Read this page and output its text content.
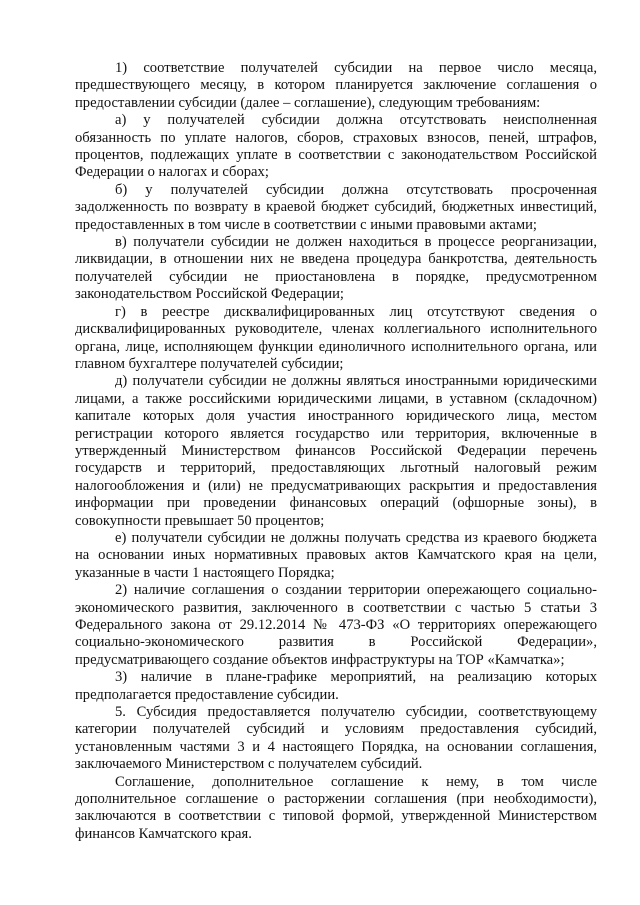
1) соответствие получателей субсидии на первое число месяца, предшествующего месяцу, в котором планируется заключение соглашения о предоставлении субсидии (далее – соглашение), следующим требованиям:

а) у получателей субсидии должна отсутствовать неисполненная обязанность по уплате налогов, сборов, страховых взносов, пеней, штрафов, процентов, подлежащих уплате в соответствии с законодательством Российской Федерации о налогах и сборах;

б) у получателей субсидии должна отсутствовать просроченная задолженность по возврату в краевой бюджет субсидий, бюджетных инвестиций, предоставленных в том числе в соответствии с иными правовыми актами;

в) получатели субсидии не должен находиться в процессе реорганизации, ликвидации, в отношении них не введена процедура банкротства, деятельность получателей субсидии не приостановлена в порядке, предусмотренном законодательством Российской Федерации;

г) в реестре дисквалифицированных лиц отсутствуют сведения о дисквалифицированных руководителе, членах коллегиального исполнительного органа, лице, исполняющем функции единоличного исполнительного органа, или главном бухгалтере получателей субсидии;

д) получатели субсидии не должны являться иностранными юридическими лицами, а также российскими юридическими лицами, в уставном (складочном) капитале которых доля участия иностранного юридического лица, местом регистрации которого является государство или территория, включенные в утвержденный Министерством финансов Российской Федерации перечень государств и территорий, предоставляющих льготный налоговый режим налогообложения и (или) не предусматривающих раскрытия и предоставления информации при проведении финансовых операций (офшорные зоны), в совокупности превышает 50 процентов;

е) получатели субсидии не должны получать средства из краевого бюджета на основании иных нормативных правовых актов Камчатского края на цели, указанные в части 1 настоящего Порядка;

2) наличие соглашения о создании территории опережающего социально-экономического развития, заключенного в соответствии с частью 5 статьи 3 Федерального закона от 29.12.2014 № 473-ФЗ «О территориях опережающего социально-экономического развития в Российской Федерации», предусматривающего создание объектов инфраструктуры на ТОР «Камчатка»;

3) наличие в плане-графике мероприятий, на реализацию которых предполагается предоставление субсидии.

5. Субсидия предоставляется получателю субсидии, соответствующему категории получателей субсидий и условиям предоставления субсидий, установленным частями 3 и 4 настоящего Порядка, на основании соглашения, заключаемого Министерством с получателем субсидий.

Соглашение, дополнительное соглашение к нему, в том числе дополнительное соглашение о расторжении соглашения (при необходимости), заключаются в соответствии с типовой формой, утвержденной Министерством финансов Камчатского края.
